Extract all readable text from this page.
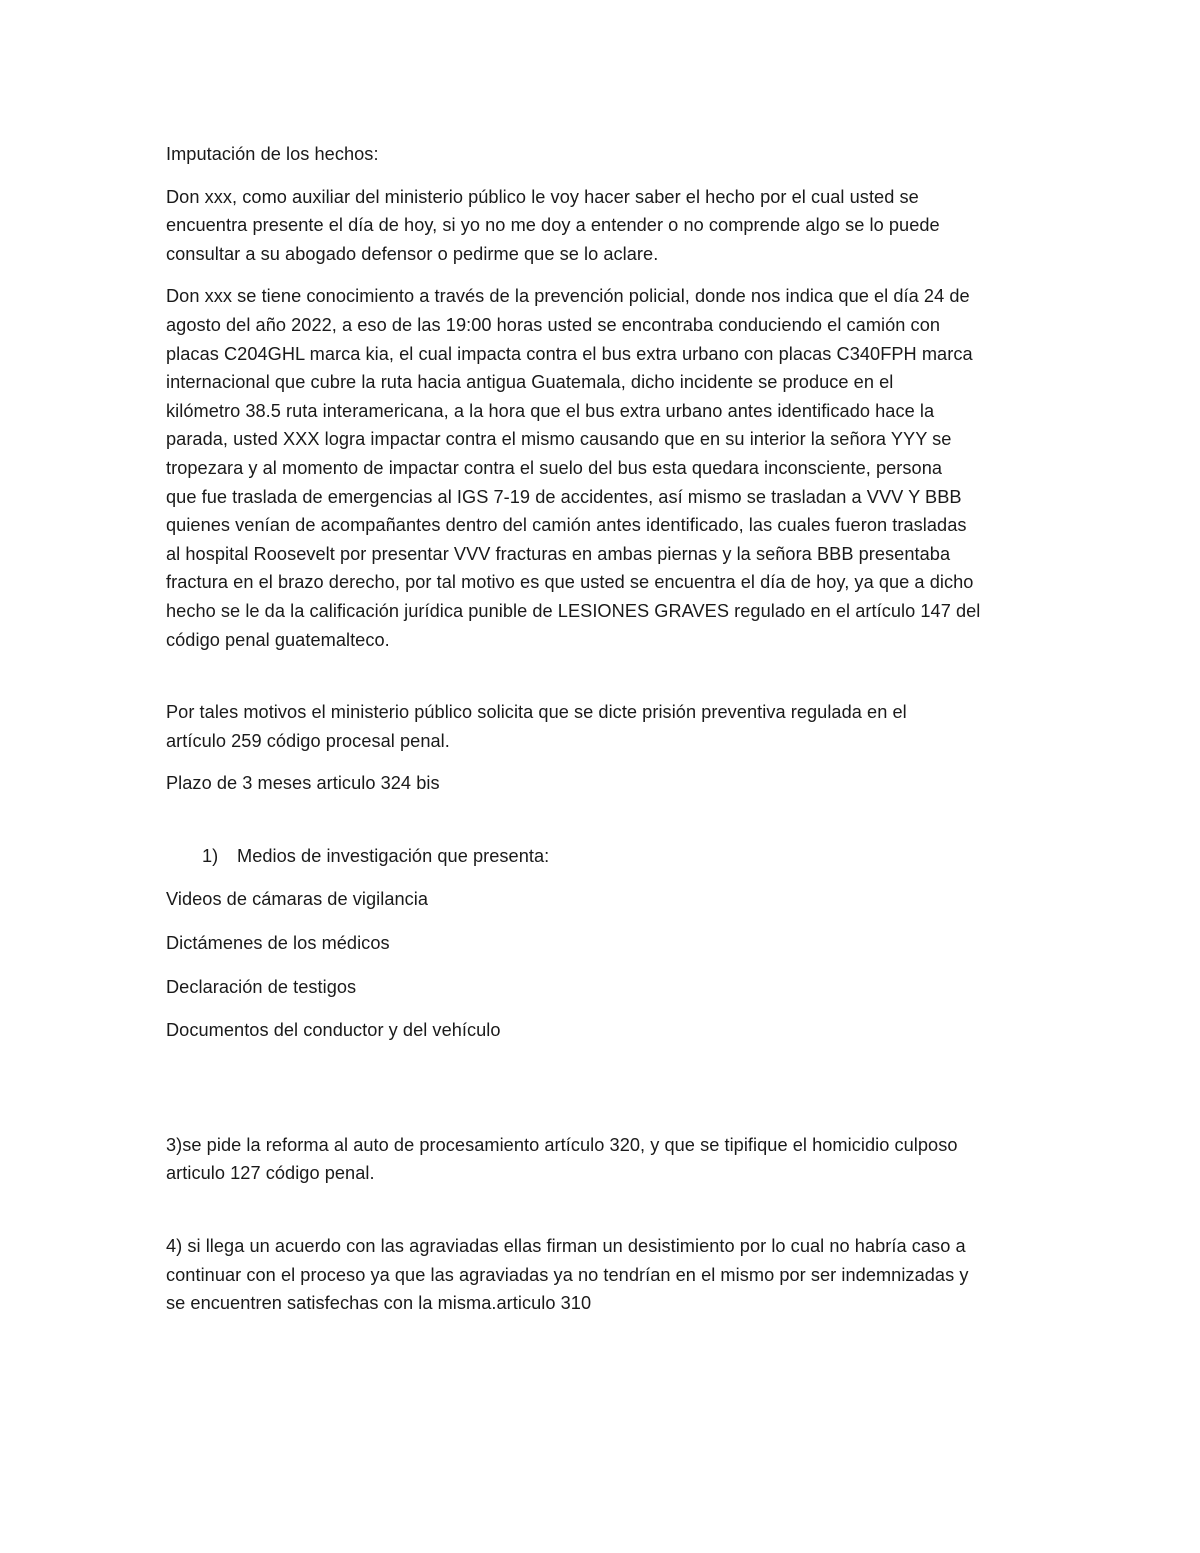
Imputación de los hechos:
Don xxx, como auxiliar del ministerio público le voy hacer saber el hecho por el cual usted se
encuentra presente el día de hoy, si yo no me doy a entender o no comprende algo se lo puede
consultar a su abogado defensor o pedirme que se lo aclare.
Don xxx se tiene conocimiento a través de la prevención policial, donde nos indica que el día 24 de
agosto del año 2022, a eso de las 19:00 horas usted se encontraba conduciendo el camión con
placas C204GHL marca kia, el cual impacta contra el bus extra urbano con placas C340FPH marca
internacional que cubre la ruta hacia antigua Guatemala, dicho incidente se produce en el
kilómetro 38.5 ruta interamericana, a la hora que el bus extra urbano antes identificado hace la
parada, usted XXX logra impactar contra el mismo causando que en su interior la señora YYY se
tropezara y al momento de impactar contra el suelo del bus esta quedara inconsciente, persona
que fue traslada de emergencias al IGS 7-19 de accidentes, así mismo se trasladan a VVV Y BBB
quienes venían de acompañantes dentro del camión antes identificado, las cuales fueron trasladas
al hospital Roosevelt por presentar VVV fracturas en ambas piernas y la señora BBB presentaba
fractura en el brazo derecho, por tal motivo es que usted se encuentra el día de hoy, ya que a dicho
hecho se le da la calificación jurídica punible de LESIONES GRAVES regulado en el artículo 147 del
código penal guatemalteco.
Por tales motivos el ministerio público solicita que se dicte prisión preventiva regulada en el
artículo 259 código procesal penal.
Plazo de 3 meses articulo 324 bis
1) Medios de investigación que presenta:
Videos de cámaras de vigilancia
Dictámenes de los médicos
Declaración de testigos
Documentos del conductor y del vehículo
3)se pide la reforma al auto de procesamiento artículo 320, y que se tipifique el homicidio culposo
articulo 127 código penal.
4) si llega un acuerdo con las agraviadas ellas firman un desistimiento por lo cual no habría caso a
continuar con el proceso ya que las agraviadas ya no tendrían en el mismo por ser indemnizadas y
se encuentren satisfechas con la misma.articulo 310
